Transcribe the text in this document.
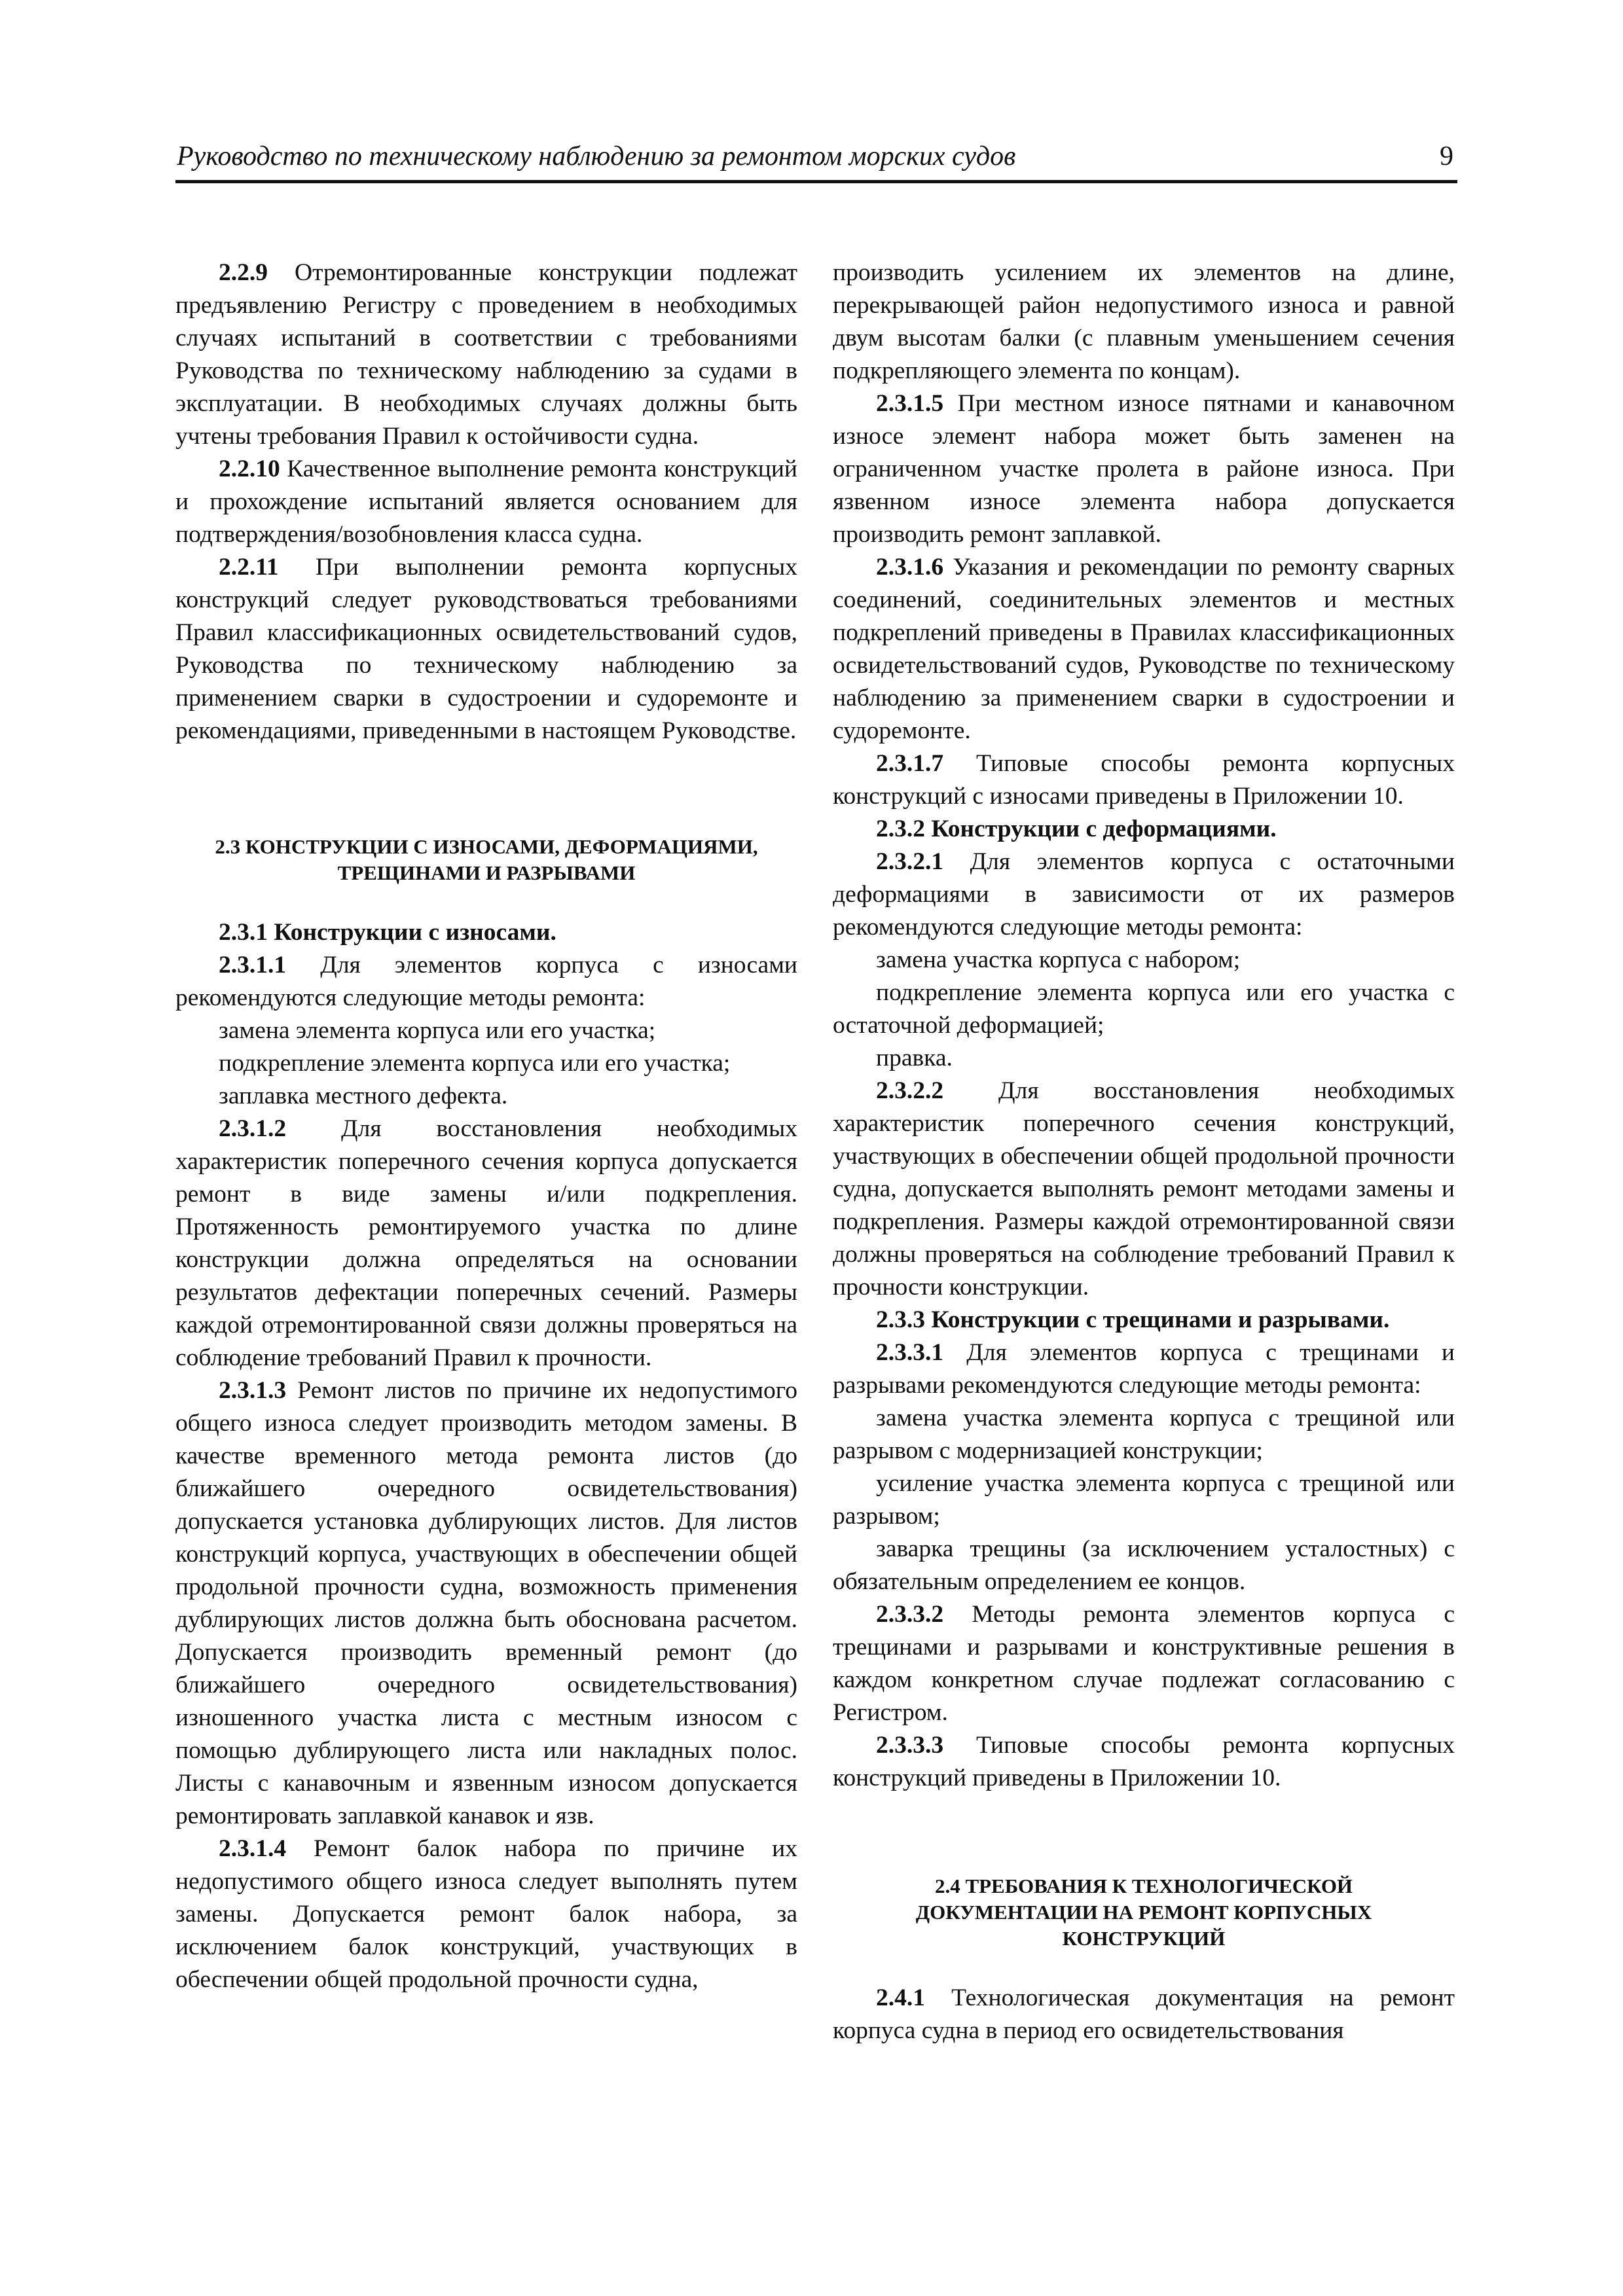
Руководство по техническому наблюдению за ремонтом морских судов	9

2.2.9 Отремонтированные конструкции подлежат предъявлению Регистру с проведением в необходимых случаях испытаний в соответствии с требованиями Руководства по техническому наблюдению за судами в эксплуатации. В необходимых случаях должны быть учтены требования Правил к остойчивости судна.

2.2.10 Качественное выполнение ремонта конструкций и прохождение испытаний является основанием для подтверждения/возобновления класса судна.

2.2.11 При выполнении ремонта корпусных конструкций следует руководствоваться требованиями Правил классификационных освидетельствований судов, Руководства по техническому наблюдению за применением сварки в судостроении и судоремонте и рекомендациями, приведенными в настоящем Руководстве.

2.3 КОНСТРУКЦИИ С ИЗНОСАМИ, ДЕФОРМАЦИЯМИ,
ТРЕЩИНАМИ И РАЗРЫВАМИ

2.3.1 Конструкции с износами.

2.3.1.1 Для элементов корпуса с износами рекомендуются следующие методы ремонта:

замена элемента корпуса или его участка;

подкрепление элемента корпуса или его участка;

заплавка местного дефекта.

2.3.1.2 Для восстановления необходимых характеристик поперечного сечения корпуса допускается ремонт в виде замены и/или подкрепления. Протяженность ремонтируемого участка по длине конструкции должна определяться на основании результатов дефектации поперечных сечений. Размеры каждой отремонтированной связи должны проверяться на соблюдение требований Правил к прочности.

2.3.1.3 Ремонт листов по причине их недопустимого общего износа следует производить методом замены. В качестве временного метода ремонта листов (до ближайшего очередного освидетельствования) допускается установка дублирующих листов. Для листов конструкций корпуса, участвующих в обеспечении общей продольной прочности судна, возможность применения дублирующих листов должна быть обоснована расчетом. Допускается производить временный ремонт (до ближайшего очередного освидетельствования) изношенного участка листа с местным износом с помощью дублирующего листа или накладных полос. Листы с канавочным и язвенным износом допускается ремонтировать заплавкой канавок и язв.

2.3.1.4 Ремонт балок набора по причине их недопустимого общего износа следует выполнять путем замены. Допускается ремонт балок набора, за исключением балок конструкций, участвующих в обеспечении общей продольной прочности судна,

производить усилением их элементов на длине, перекрывающей район недопустимого износа и равной двум высотам балки (с плавным уменьшением сечения подкрепляющего элемента по концам).

2.3.1.5 При местном износе пятнами и канавочном износе элемент набора может быть заменен на ограниченном участке пролета в районе износа. При язвенном износе элемента набора допускается производить ремонт заплавкой.

2.3.1.6 Указания и рекомендации по ремонту сварных соединений, соединительных элементов и местных подкреплений приведены в Правилах классификационных освидетельствований судов, Руководстве по техническому наблюдению за применением сварки в судостроении и судоремонте.

2.3.1.7 Типовые способы ремонта корпусных конструкций с износами приведены в Приложении 10.

2.3.2 Конструкции с деформациями.

2.3.2.1 Для элементов корпуса с остаточными деформациями в зависимости от их размеров рекомендуются следующие методы ремонта:

замена участка корпуса с набором;

подкрепление элемента корпуса или его участка с остаточной деформацией;

правка.

2.3.2.2 Для восстановления необходимых характеристик поперечного сечения конструкций, участвующих в обеспечении общей продольной прочности судна, допускается выполнять ремонт методами замены и подкрепления. Размеры каждой отремонтированной связи должны проверяться на соблюдение требований Правил к прочности конструкции.

2.3.3 Конструкции с трещинами и разрывами.

2.3.3.1 Для элементов корпуса с трещинами и разрывами рекомендуются следующие методы ремонта:

замена участка элемента корпуса с трещиной или разрывом с модернизацией конструкции;

усиление участка элемента корпуса с трещиной или разрывом;

заварка трещины (за исключением усталостных) с обязательным определением ее концов.

2.3.3.2 Методы ремонта элементов корпуса с трещинами и разрывами и конструктивные решения в каждом конкретном случае подлежат согласованию с Регистром.

2.3.3.3 Типовые способы ремонта корпусных конструкций приведены в Приложении 10.

2.4 ТРЕБОВАНИЯ К ТЕХНОЛОГИЧЕСКОЙ
ДОКУМЕНТАЦИИ НА РЕМОНТ КОРПУСНЫХ
КОНСТРУКЦИЙ

2.4.1 Технологическая документация на ремонт корпуса судна в период его освидетельствования
